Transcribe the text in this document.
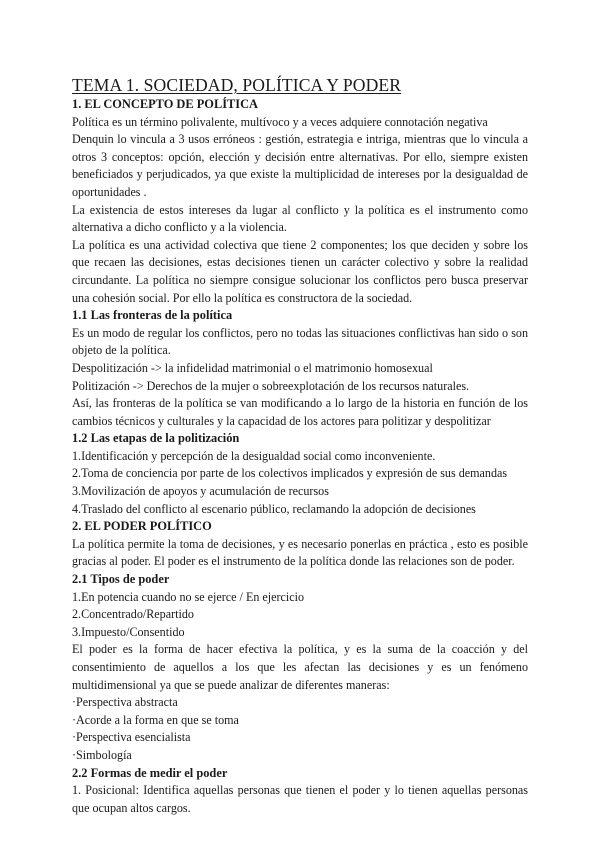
TEMA 1. SOCIEDAD, POLÍTICA Y PODER
1. EL CONCEPTO DE POLÍTICA

Política es un término polivalente, multívoco y a veces adquiere connotación negativa

Denquin lo vincula a 3 usos erróneos : gestión, estrategia e intriga, mientras que lo vincula a otros 3 conceptos: opción, elección y decisión entre alternativas. Por ello, siempre existen beneficiados y perjudicados, ya que existe la multiplicidad de intereses por la desigualdad de oportunidades .

La existencia de estos intereses da lugar al conflicto y la política es el instrumento como alternativa a dicho conflicto y a la violencia.

La política es una actividad colectiva que tiene 2 componentes; los que deciden y sobre los que recaen las decisiones, estas decisiones tienen un carácter colectivo y sobre la realidad circundante. La política no siempre consigue solucionar los conflictos pero busca preservar una cohesión social. Por ello la política es constructora de la sociedad.

1.1 Las fronteras de la política

Es un modo de regular los conflictos, pero no todas las situaciones conflictivas han sido o son objeto de la política.

Despolitización -> la infidelidad matrimonial o el matrimonio homosexual

Politización -> Derechos de la mujer o sobreexplotación de los recursos naturales.

Así, las fronteras de la política se van modificando a lo largo de la historia en función de los cambios técnicos y culturales y la capacidad de los actores para politizar y despolitizar

1.2 Las etapas de la politización

1.Identificación y percepción de la desigualdad social como inconveniente.

2.Toma de conciencia por parte de los colectivos implicados y expresión de sus demandas

3.Movilización de apoyos y acumulación de recursos

4.Traslado del conflicto al escenario público, reclamando la adopción de decisiones

2. EL PODER POLÍTICO

La política permite la toma de decisiones, y es necesario ponerlas en práctica , esto es posible gracias al poder. El poder es el instrumento de la política donde las relaciones son de poder.

2.1 Tipos de poder

1.En potencia cuando no se ejerce / En ejercicio

2.Concentrado/Repartido

3.Impuesto/Consentido

El poder es la forma de hacer efectiva la política, y es la suma de la coacción y del consentimiento de aquellos a los que les afectan las decisiones y es un fenómeno multidimensional ya que se puede analizar de diferentes maneras:

·Perspectiva abstracta

·Acorde a la forma en que se toma

·Perspectiva esencialista

·Simbología

2.2 Formas de medir el poder

1. Posicional: Identifica aquellas personas que tienen el poder y lo tienen aquellas personas que ocupan altos cargos.
